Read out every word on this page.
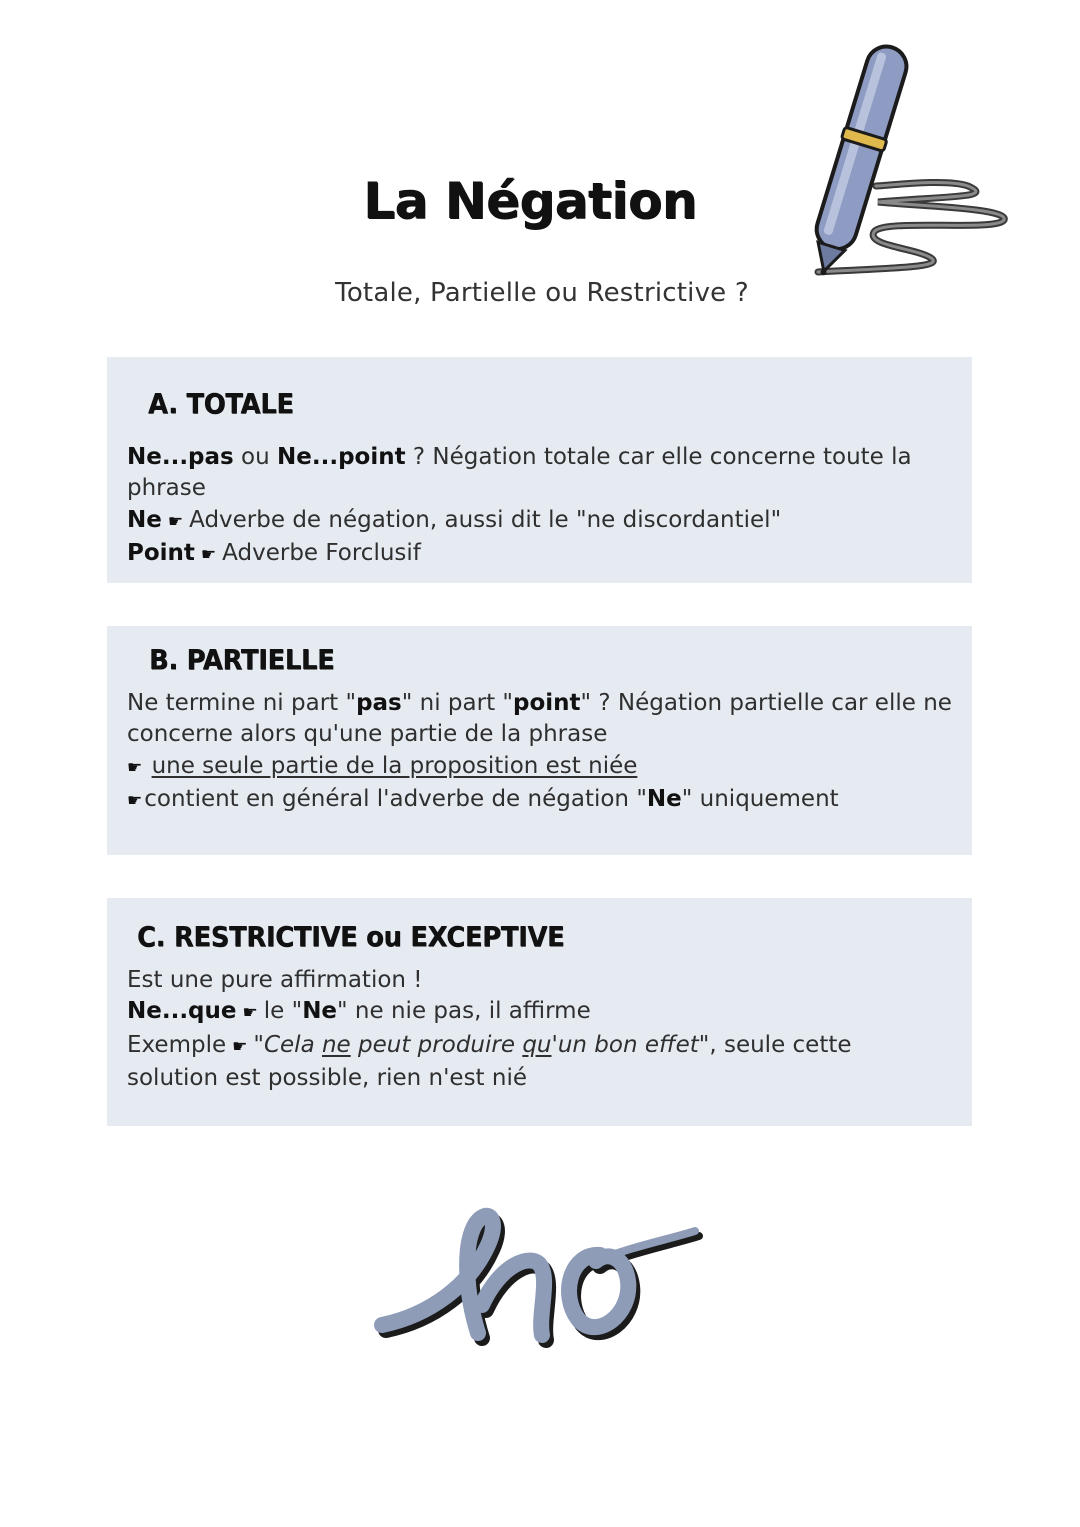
La Négation
Totale, Partielle ou Restrictive ?
A. TOTALE
Ne...pas ou Ne...point ? Négation totale car elle concerne toute la phrase
Ne ☛ Adverbe de négation, aussi dit le "ne discordantiel"
Point ☛ Adverbe Forclusif
B. PARTIELLE
Ne termine ni part "pas" ni part "point" ? Négation partielle car elle ne concerne alors qu'une partie de la phrase
☛ une seule partie de la proposition est niée
☛contient en général l'adverbe de négation "Ne" uniquement
C. RESTRICTIVE ou EXCEPTIVE
Est une pure affirmation !
Ne...que ☛ le "Ne" ne nie pas, il affirme
Exemple ☛ "Cela ne peut produire qu'un bon effet", seule cette solution est possible, rien n'est nié
